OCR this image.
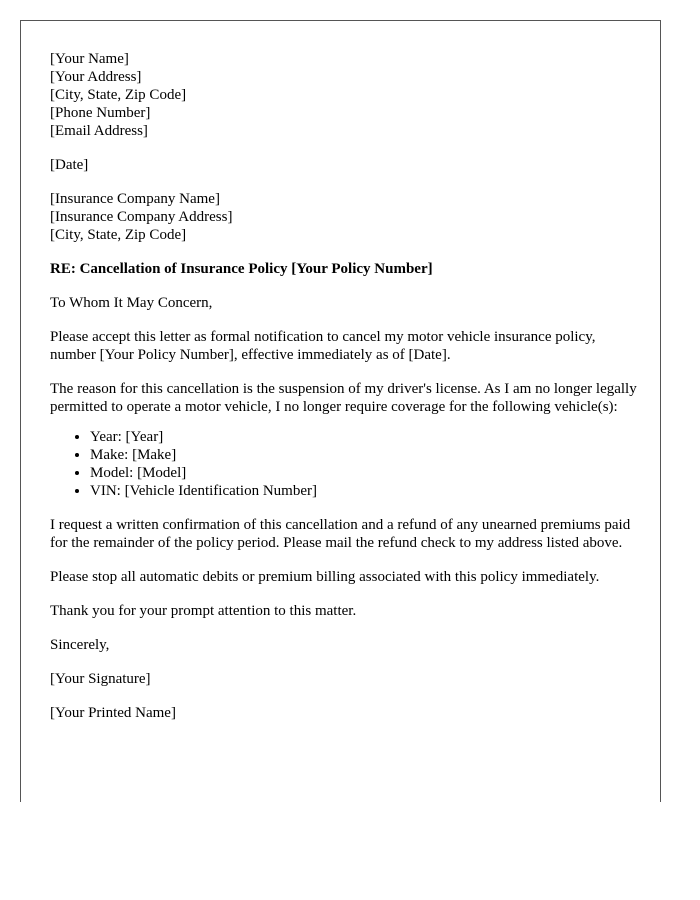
[Your Name]
[Your Address]
[City, State, Zip Code]
[Phone Number]
[Email Address]

[Date]

[Insurance Company Name]
[Insurance Company Address]
[City, State, Zip Code]

RE: Cancellation of Insurance Policy [Your Policy Number]

To Whom It May Concern,

Please accept this letter as formal notification to cancel my motor vehicle insurance policy, number [Your Policy Number], effective immediately as of [Date].

The reason for this cancellation is the suspension of my driver's license. As I am no longer legally permitted to operate a motor vehicle, I no longer require coverage for the following vehicle(s):

• Year: [Year]
• Make: [Make]
• Model: [Model]
• VIN: [Vehicle Identification Number]

I request a written confirmation of this cancellation and a refund of any unearned premiums paid for the remainder of the policy period. Please mail the refund check to my address listed above.

Please stop all automatic debits or premium billing associated with this policy immediately.

Thank you for your prompt attention to this matter.

Sincerely,

[Your Signature]

[Your Printed Name]
